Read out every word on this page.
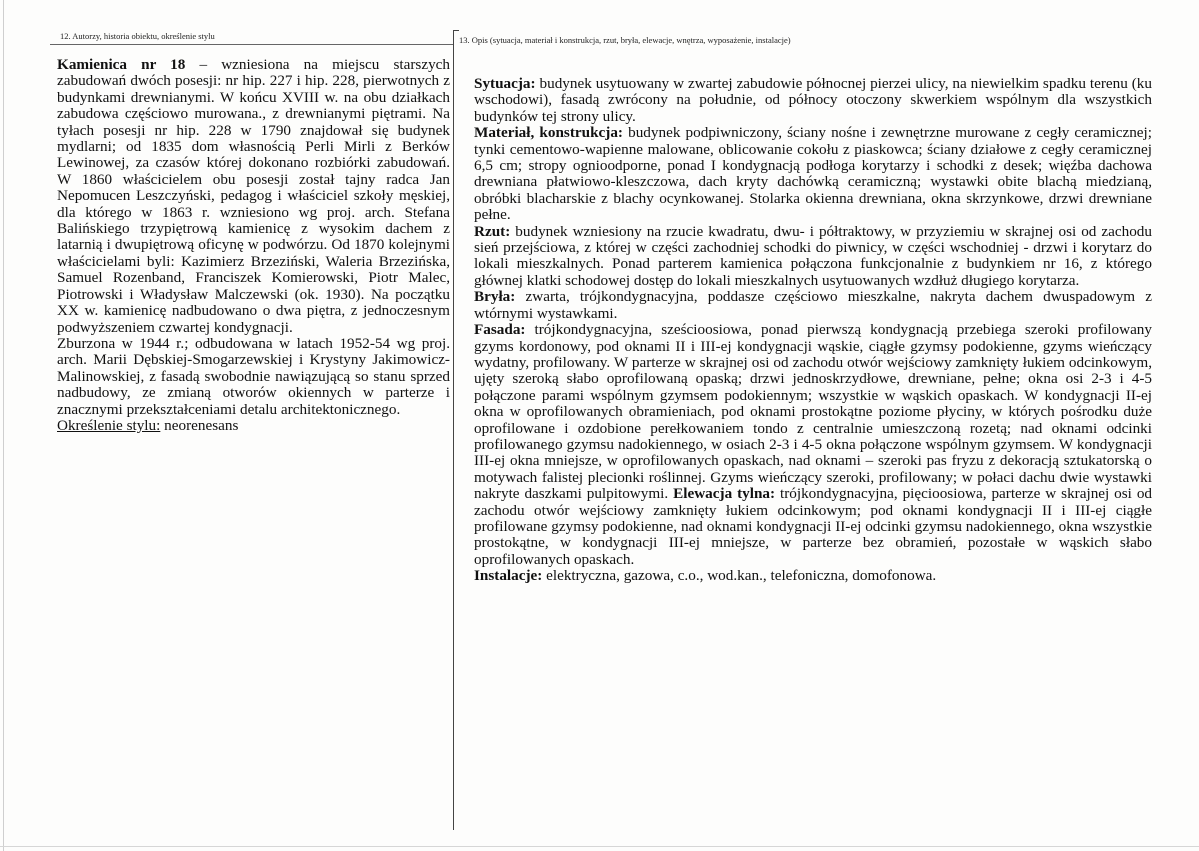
12. Autorzy, historia obiektu, określenie stylu	13. Opis (sytuacja, materiał i konstrukcja, rzut, bryła, elewacje, wnętrza, wyposażenie, instalacje)

Kamienica nr 18 – wzniesiona na miejscu starszych zabudowań dwóch posesji: nr hip. 227 i hip. 228, pierwotnych z budynkami drewnianymi. W końcu XVIII w. na obu działkach zabudowa częściowo murowana., z drewnianymi piętrami. Na tyłach posesji nr hip. 228 w 1790 znajdował się budynek mydlarni; od 1835 dom własnością Perli Mirli z Berków Lewinowej, za czasów której dokonano rozbiórki zabudowań. W 1860 właścicielem obu posesji został tajny radca Jan Nepomucen Leszczyński, pedagog i właściciel szkoły męskiej, dla którego w 1863 r. wzniesiono wg proj. arch. Stefana Balińskiego trzypiętrową kamienicę z wysokim dachem z latarnią i dwupiętrową oficynę w podwórzu. Od 1870 kolejnymi właścicielami byli: Kazimierz Brzeziński, Waleria Brzezińska, Samuel Rozenband, Franciszek Komierowski, Piotr Malec, Piotrowski i Władysław Malczewski (ok. 1930). Na początku XX w. kamienicę nadbudowano o dwa piętra, z jednoczesnym podwyższeniem czwartej kondygnacji.

Zburzona w 1944 r.; odbudowana w latach 1952-54 wg proj. arch. Marii Dębskiej-Smogarzewskiej i Krystyny Jakimowicz-Malinowskiej, z fasadą swobodnie nawiązującą so stanu sprzed nadbudowy, ze zmianą otworów okiennych w parterze i znacznymi przekształceniami detalu architektonicznego.

Określenie stylu: neorenesans

Sytuacja: budynek usytuowany w zwartej zabudowie północnej pierzei ulicy, na niewielkim spadku terenu (ku wschodowi), fasadą zwrócony na południe, od północy otoczony skwerkiem wspólnym dla wszystkich budynków tej strony ulicy.

Materiał, konstrukcja: budynek podpiwniczony, ściany nośne i zewnętrzne murowane z cegły ceramicznej; tynki cementowo-wapienne malowane, oblicowanie cokołu z piaskowca; ściany działowe z cegły ceramicznej 6,5 cm; stropy ognioodporne, ponad I kondygnacją podłoga korytarzy i schodki z desek; więźba dachowa drewniana płatwiowo-kleszczowa, dach kryty dachówką ceramiczną; wystawki obite blachą miedzianą, obróbki blacharskie z blachy ocynkowanej. Stolarka okienna drewniana, okna skrzynkowe, drzwi drewniane pełne.

Rzut: budynek wzniesiony na rzucie kwadratu, dwu- i półtraktowy, w przyziemiu w skrajnej osi od zachodu sień przejściowa, z której w części zachodniej schodki do piwnicy, w części wschodniej - drzwi i korytarz do lokali mieszkalnych. Ponad parterem kamienica połączona funkcjonalnie z budynkiem nr 16, z którego głównej klatki schodowej dostęp do lokali mieszkalnych usytuowanych wzdłuż długiego korytarza.

Bryła: zwarta, trójkondygnacyjna, poddasze częściowo mieszkalne, nakryta dachem dwuspadowym z wtórnymi wystawkami.

Fasada: trójkondygnacyjna, sześcioosiowa, ponad pierwszą kondygnacją przebiega szeroki profilowany gzyms kordonowy, pod oknami II i III-ej kondygnacji wąskie, ciągłe gzymsy podokienne, gzyms wieńczący wydatny, profilowany. W parterze w skrajnej osi od zachodu otwór wejściowy zamknięty łukiem odcinkowym, ujęty szeroką słabo oprofilowaną opaską; drzwi jednoskrzydłowe, drewniane, pełne; okna osi 2-3 i 4-5 połączone parami wspólnym gzymsem podokiennym; wszystkie w wąskich opaskach. W kondygnacji II-ej okna w oprofilowanych obramieniach, pod oknami prostokątne poziome płyciny, w których pośrodku duże oprofilowane i ozdobione perełkowaniem tondo z centralnie umieszczoną rozetą; nad oknami odcinki profilowanego gzymsu nadokiennego, w osiach 2-3 i 4-5 okna połączone wspólnym gzymsem. W kondygnacji III-ej okna mniejsze, w oprofilowanych opaskach, nad oknami – szeroki pas fryzu z dekoracją sztukatorską o motywach falistej plecionki roślinnej. Gzyms wieńczący szeroki, profilowany; w połaci dachu dwie wystawki nakryte daszkami pulpitowymi. Elewacja tylna: trójkondygnacyjna, pięcioosiowa, parterze w skrajnej osi od zachodu otwór wejściowy zamknięty łukiem odcinkowym; pod oknami kondygnacji II i III-ej ciągłe profilowane gzymsy podokienne, nad oknami kondygnacji II-ej odcinki gzymsu nadokiennego, okna wszystkie prostokątne, w kondygnacji III-ej mniejsze, w parterze bez obramień, pozostałe w wąskich słabo oprofilowanych opaskach.

Instalacje: elektryczna, gazowa, c.o., wod.kan., telefoniczna, domofonowa.
